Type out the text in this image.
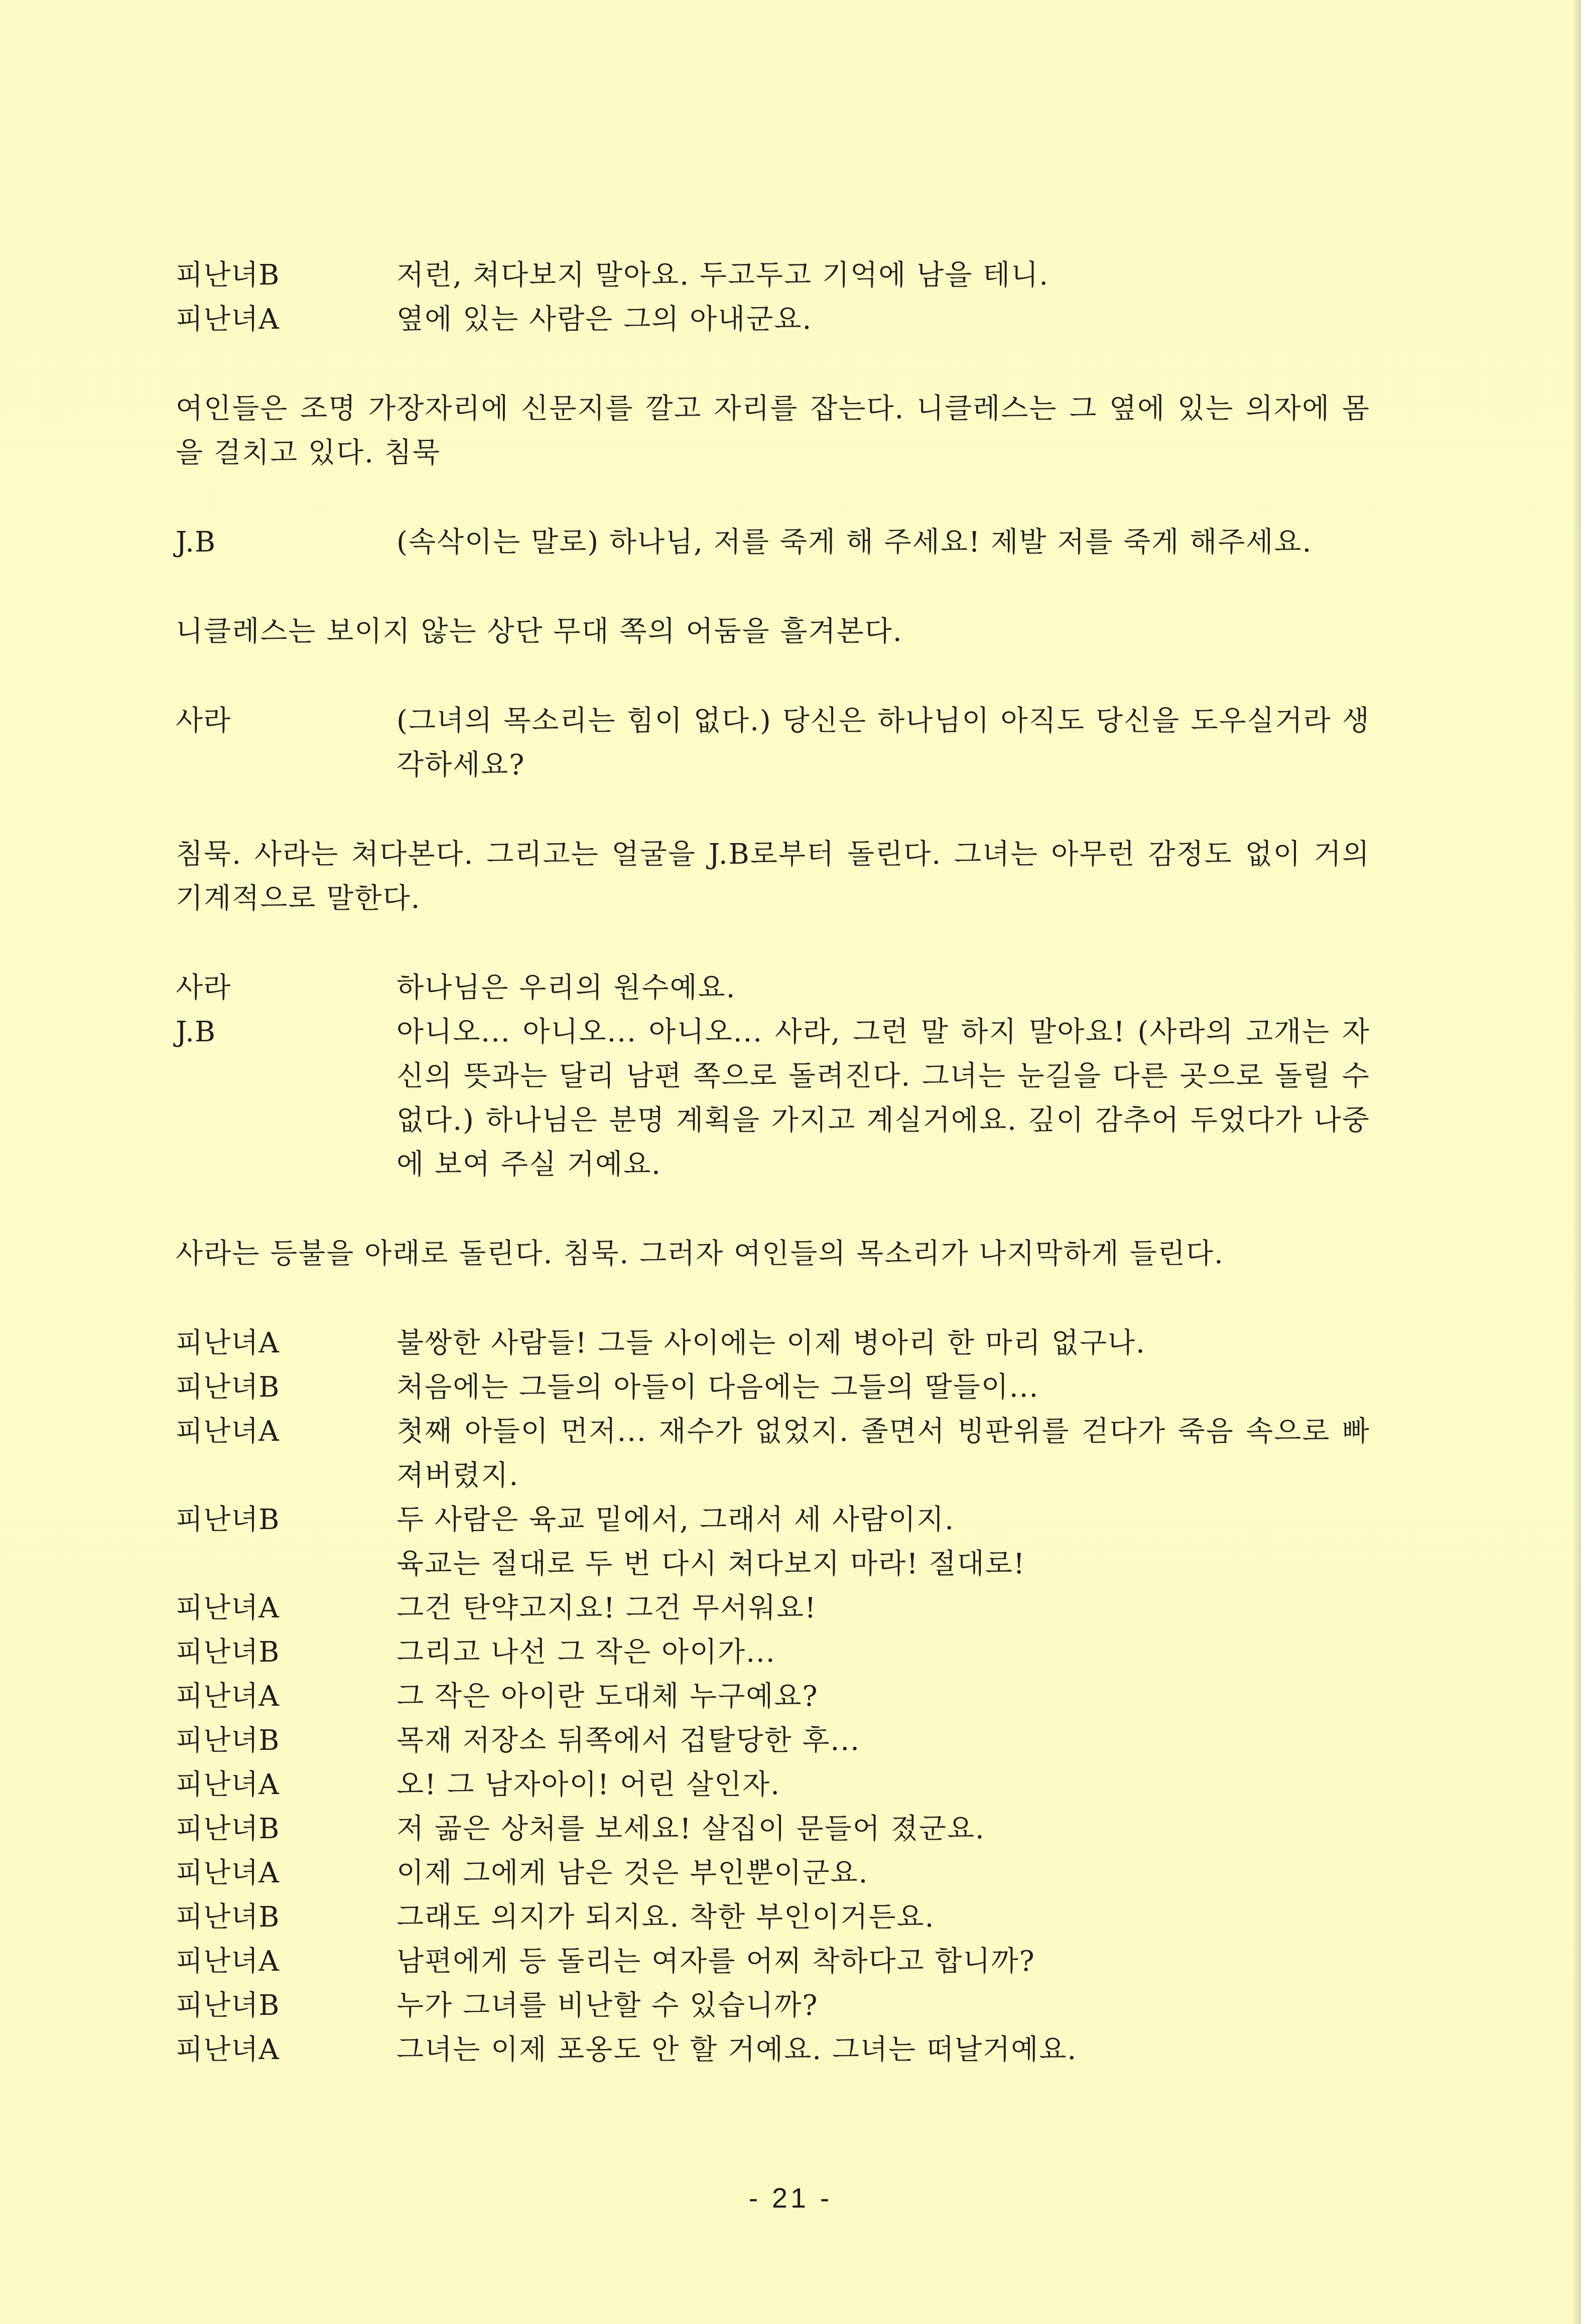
피난녀B	저런, 쳐다보지 말아요. 두고두고 기억에 남을 테니.
피난녀A	옆에 있는 사람은 그의 아내군요.
여인들은 조명 가장자리에 신문지를 깔고 자리를 잡는다. 니클레스는 그 옆에 있는 의자에 몸을 걸치고 있다. 침묵
J.B	(속삭이는 말로) 하나님, 저를 죽게 해 주세요! 제발 저를 죽게 해주세요.
니클레스는 보이지 않는 상단 무대 쪽의 어둠을 흘겨본다.
사라	(그녀의 목소리는 힘이 없다.) 당신은 하나님이 아직도 당신을 도우실거라 생각하세요?
침묵. 사라는 쳐다본다. 그리고는 얼굴을 J.B로부터 돌린다. 그녀는 아무런 감정도 없이 거의 기계적으로 말한다.
사라	하나님은 우리의 원수예요.
J.B	아니오... 아니오... 아니오... 사라, 그런 말 하지 말아요! (사라의 고개는 자신의 뜻과는 달리 남편 쪽으로 돌려진다. 그녀는 눈길을 다른 곳으로 돌릴 수 없다.) 하나님은 분명 계획을 가지고 계실거에요. 깊이 감추어 두었다가 나중에 보여 주실 거예요.
사라는 등불을 아래로 돌린다. 침묵. 그러자 여인들의 목소리가 나지막하게 들린다.
피난녀A	불쌍한 사람들! 그들 사이에는 이제 병아리 한 마리 없구나.
피난녀B	처음에는 그들의 아들이 다음에는 그들의 딸들이...
피난녀A	첫째 아들이 먼저... 재수가 없었지. 졸면서 빙판위를 걷다가 죽음 속으로 빠져버렸지.
피난녀B	두 사람은 육교 밑에서, 그래서 세 사람이지.
육교는 절대로 두 번 다시 쳐다보지 마라! 절대로!
피난녀A	그건 탄약고지요! 그건 무서워요!
피난녀B	그리고 나선 그 작은 아이가...
피난녀A	그 작은 아이란 도대체 누구예요?
피난녀B	목재 저장소 뒤쪽에서 겁탈당한 후...
피난녀A	오! 그 남자아이! 어린 살인자.
피난녀B	저 곪은 상처를 보세요! 살집이 문들어 졌군요.
피난녀A	이제 그에게 남은 것은 부인뿐이군요.
피난녀B	그래도 의지가 되지요. 착한 부인이거든요.
피난녀A	남편에게 등 돌리는 여자를 어찌 착하다고 합니까?
피난녀B	누가 그녀를 비난할 수 있습니까?
피난녀A	그녀는 이제 포옹도 안 할 거예요. 그녀는 떠날거예요.
- 21 -
